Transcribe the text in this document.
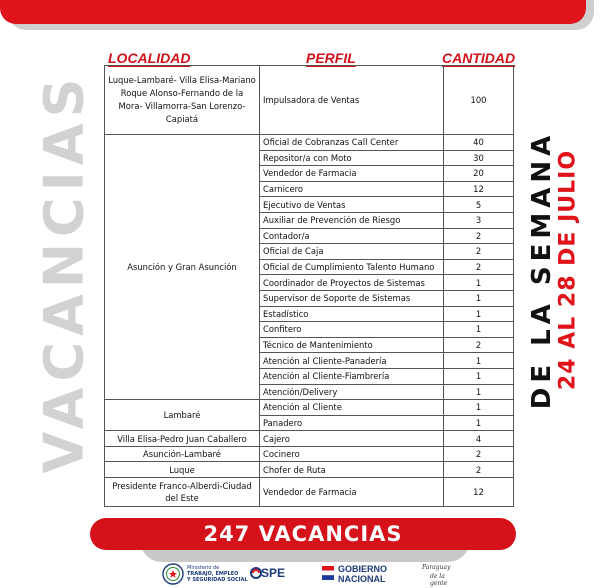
VACANCIAS	DE LA SEMANA
24 AL 28 DE JULIO
LOCALIDAD	PERFIL	CANTIDAD
Luque-Lambaré- Villa Elisa-Mariano Roque Alonso-Fernando de la Mora- Villamorra-San Lorenzo- Capiatá	Impulsadora de Ventas	100
Asunción y Gran Asunción	Oficial de Cobranzas Call Center	40
	Repositor/a con Moto	30
	Vendedor de Farmacia	20
	Carnicero	12
	Ejecutivo de Ventas	5
	Auxiliar de Prevención de Riesgo	3
	Contador/a	2
	Oficial de Caja	2
	Oficial de Cumplimiento Talento Humano	2
	Coordinador de Proyectos de Sistemas	1
	Supervisor de Soporte de Sistemas	1
	Estadístico	1
	Confitero	1
	Técnico de Mantenimiento	2
	Atención al Cliente-Panadería	1
	Atención al Cliente-Fiambrería	1
	Atención/Delivery	1
Lambaré	Atención al Cliente	1
	Panadero	1
Villa Elisa-Pedro Juan Caballero	Cajero	4
Asunción-Lambaré	Cocinero	2
Luque	Chofer de Ruta	2
Presidente Franco-Alberdi-Ciudad del Este	Vendedor de Farmacia	12
247 VACANCIAS
Ministerio de
TRABAJO, EMPLEO
Y SEGURIDAD SOCIAL SPE	GOBIERNO
NACIONAL
Paraguay
de la gente
